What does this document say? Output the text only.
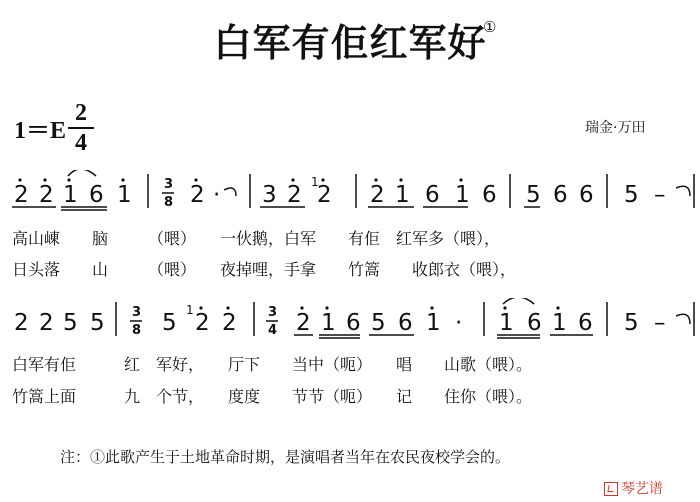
白军有佢红军好
①
1＝E
2
4
瑞金·万田
2 2 1 6 1	2 · 3 2 2 2 1 6 1 6 5 6 6 5 –
3
8
1
高山崠　　脑　　　（喂）　　一伙鹅，白军　　有佢　红军多（喂），
日头落　　山　　　（喂）　　夜掉哩，手拿　　竹篙　　收郎衣（喂），
2 2 5 5 5 2 2	2 1 6 5 6 1 · 1 6 1 6 5 –
3
8
3
4
1
白军有佢　　　红　军好，　　厅下　　当中（呃）　　唱　　山歌（喂）。
竹篙上面　　　九　个节，　　度度　　节节（呃）　　记　　住你（喂）。
注：①此歌产生于土地革命时期，是演唱者当年在农民夜校学会的。
琴艺谱
